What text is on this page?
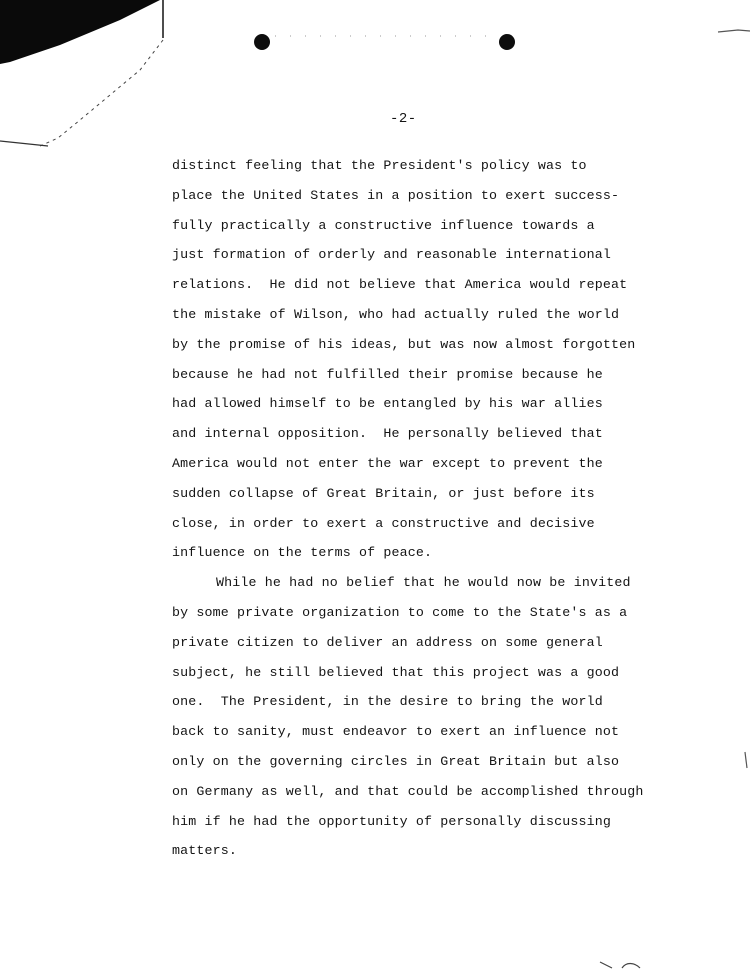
-2-
distinct feeling that the President's policy was to
place the United States in a position to exert success-
fully practically a constructive influence towards a
just formation of orderly and reasonable international
relations.  He did not believe that America would repeat
the mistake of Wilson, who had actually ruled the world
by the promise of his ideas, but was now almost forgotten
because he had not fulfilled their promise because he
had allowed himself to be entangled by his war allies
and internal opposition.  He personally believed that
America would not enter the war except to prevent the
sudden collapse of Great Britain, or just before its
close, in order to exert a constructive and decisive
influence on the terms of peace.
While he had no belief that he would now be invited
by some private organization to come to the State's as a
private citizen to deliver an address on some general
subject, he still believed that this project was a good
one.  The President, in the desire to bring the world
back to sanity, must endeavor to exert an influence not
only on the governing circles in Great Britain but also
on Germany as well, and that could be accomplished through
him if he had the opportunity of personally discussing
matters.
